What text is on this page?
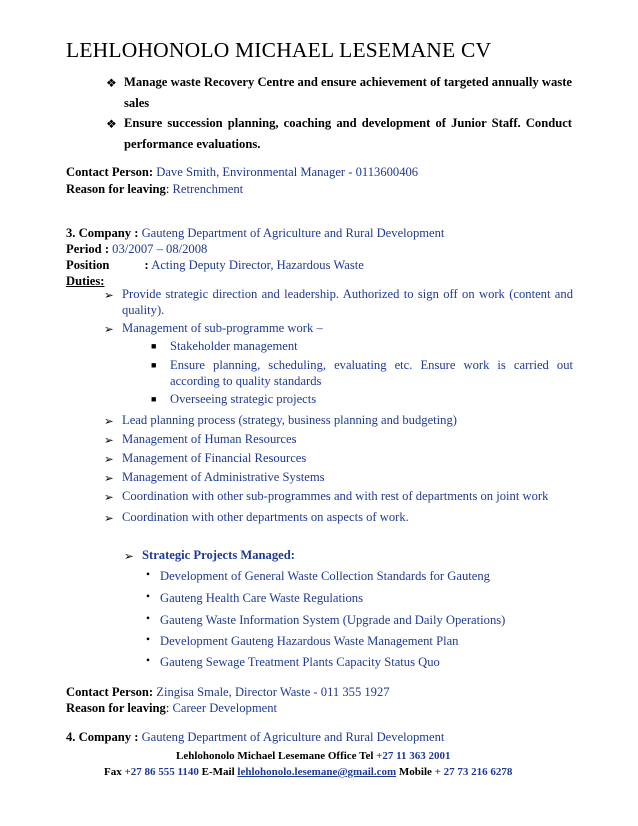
LEHLOHONOLO MICHAEL LESEMANE CV
❖ Manage waste Recovery Centre and ensure achievement of targeted annually waste
sales
❖ Ensure succession planning, coaching and development of Junior Staff. Conduct
performance evaluations.
Contact Person: Dave Smith, Environmental Manager - 0113600406
Reason for leaving: Retrenchment
3. Company : Gauteng Department of Agriculture and Rural Development
Period : 03/2007 – 08/2008
Position	: Acting Deputy Director, Hazardous Waste
Duties:
➢ Provide strategic direction and leadership. Authorized to sign off on work (content and
quality).
➢ Management of sub-programme work –
■ Stakeholder management
■ Ensure planning, scheduling, evaluating etc. Ensure work is carried out
according to quality standards
■ Overseeing strategic projects
➢ Lead planning process (strategy, business planning and budgeting)
➢ Management of Human Resources
➢ Management of Financial Resources
➢ Management of Administrative Systems
➢ Coordination with other sub-programmes and with rest of departments on joint work
➢ Coordination with other departments on aspects of work.
➢ Strategic Projects Managed:
• Development of General Waste Collection Standards for Gauteng
• Gauteng Health Care Waste Regulations
• Gauteng Waste Information System (Upgrade and Daily Operations)
• Development Gauteng Hazardous Waste Management Plan
• Gauteng Sewage Treatment Plants Capacity Status Quo
Contact Person: Zingisa Smale, Director Waste - 011 355 1927
Reason for leaving: Career Development
4. Company : Gauteng Department of Agriculture and Rural Development
Lehlohonolo Michael Lesemane Office Tel +27 11 363 2001
Fax +27 86 555 1140 E-Mail lehlohonolo.lesemane@gmail.com Mobile + 27 73 216 6278
